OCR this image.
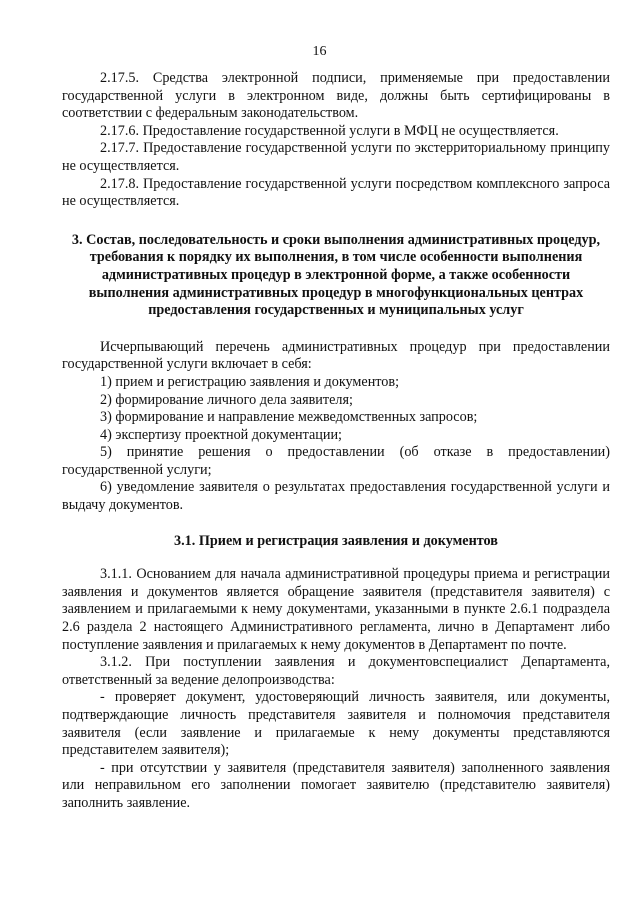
16

2.17.5. Средства электронной подписи, применяемые при предоставлении государственной услуги в электронном виде, должны быть сертифицированы в соответствии с федеральным законодательством.

2.17.6. Предоставление государственной услуги в МФЦ не осуществляется.

2.17.7. Предоставление государственной услуги по экстерриториальному принципу не осуществляется.

2.17.8. Предоставление государственной услуги посредством комплексного запроса не осуществляется.

3. Состав, последовательность и сроки выполнения административных процедур, требования к порядку их выполнения, в том числе особенности выполнения административных процедур в электронной форме, а также особенности выполнения административных процедур в многофункциональных центрах предоставления государственных и муниципальных услуг

Исчерпывающий перечень административных процедур при предоставлении государственной услуги включает в себя:

1) прием и регистрацию заявления и документов;

2) формирование личного дела заявителя;

3) формирование и направление межведомственных запросов;

4) экспертизу проектной документации;

5) принятие решения о предоставлении (об отказе в предоставлении) государственной услуги;

6) уведомление заявителя о результатах предоставления государственной услуги и выдачу документов.

3.1. Прием и регистрация заявления и документов

3.1.1. Основанием для начала административной процедуры приема и регистрации заявления и документов является обращение заявителя (представителя заявителя) с заявлением и прилагаемыми к нему документами, указанными в пункте 2.6.1 подраздела 2.6 раздела 2 настоящего Административного регламента, лично в Департамент либо поступление заявления и прилагаемых к нему документов в Департамент по почте.

3.1.2. При поступлении заявления и документовспециалист Департамента, ответственный за ведение делопроизводства:

- проверяет документ, удостоверяющий личность заявителя, или документы, подтверждающие личность представителя заявителя и полномочия представителя заявителя (если заявление и прилагаемые к нему документы представляются представителем заявителя);

- при отсутствии у заявителя (представителя заявителя) заполненного заявления или неправильном его заполнении помогает заявителю (представителю заявителя) заполнить заявление.
